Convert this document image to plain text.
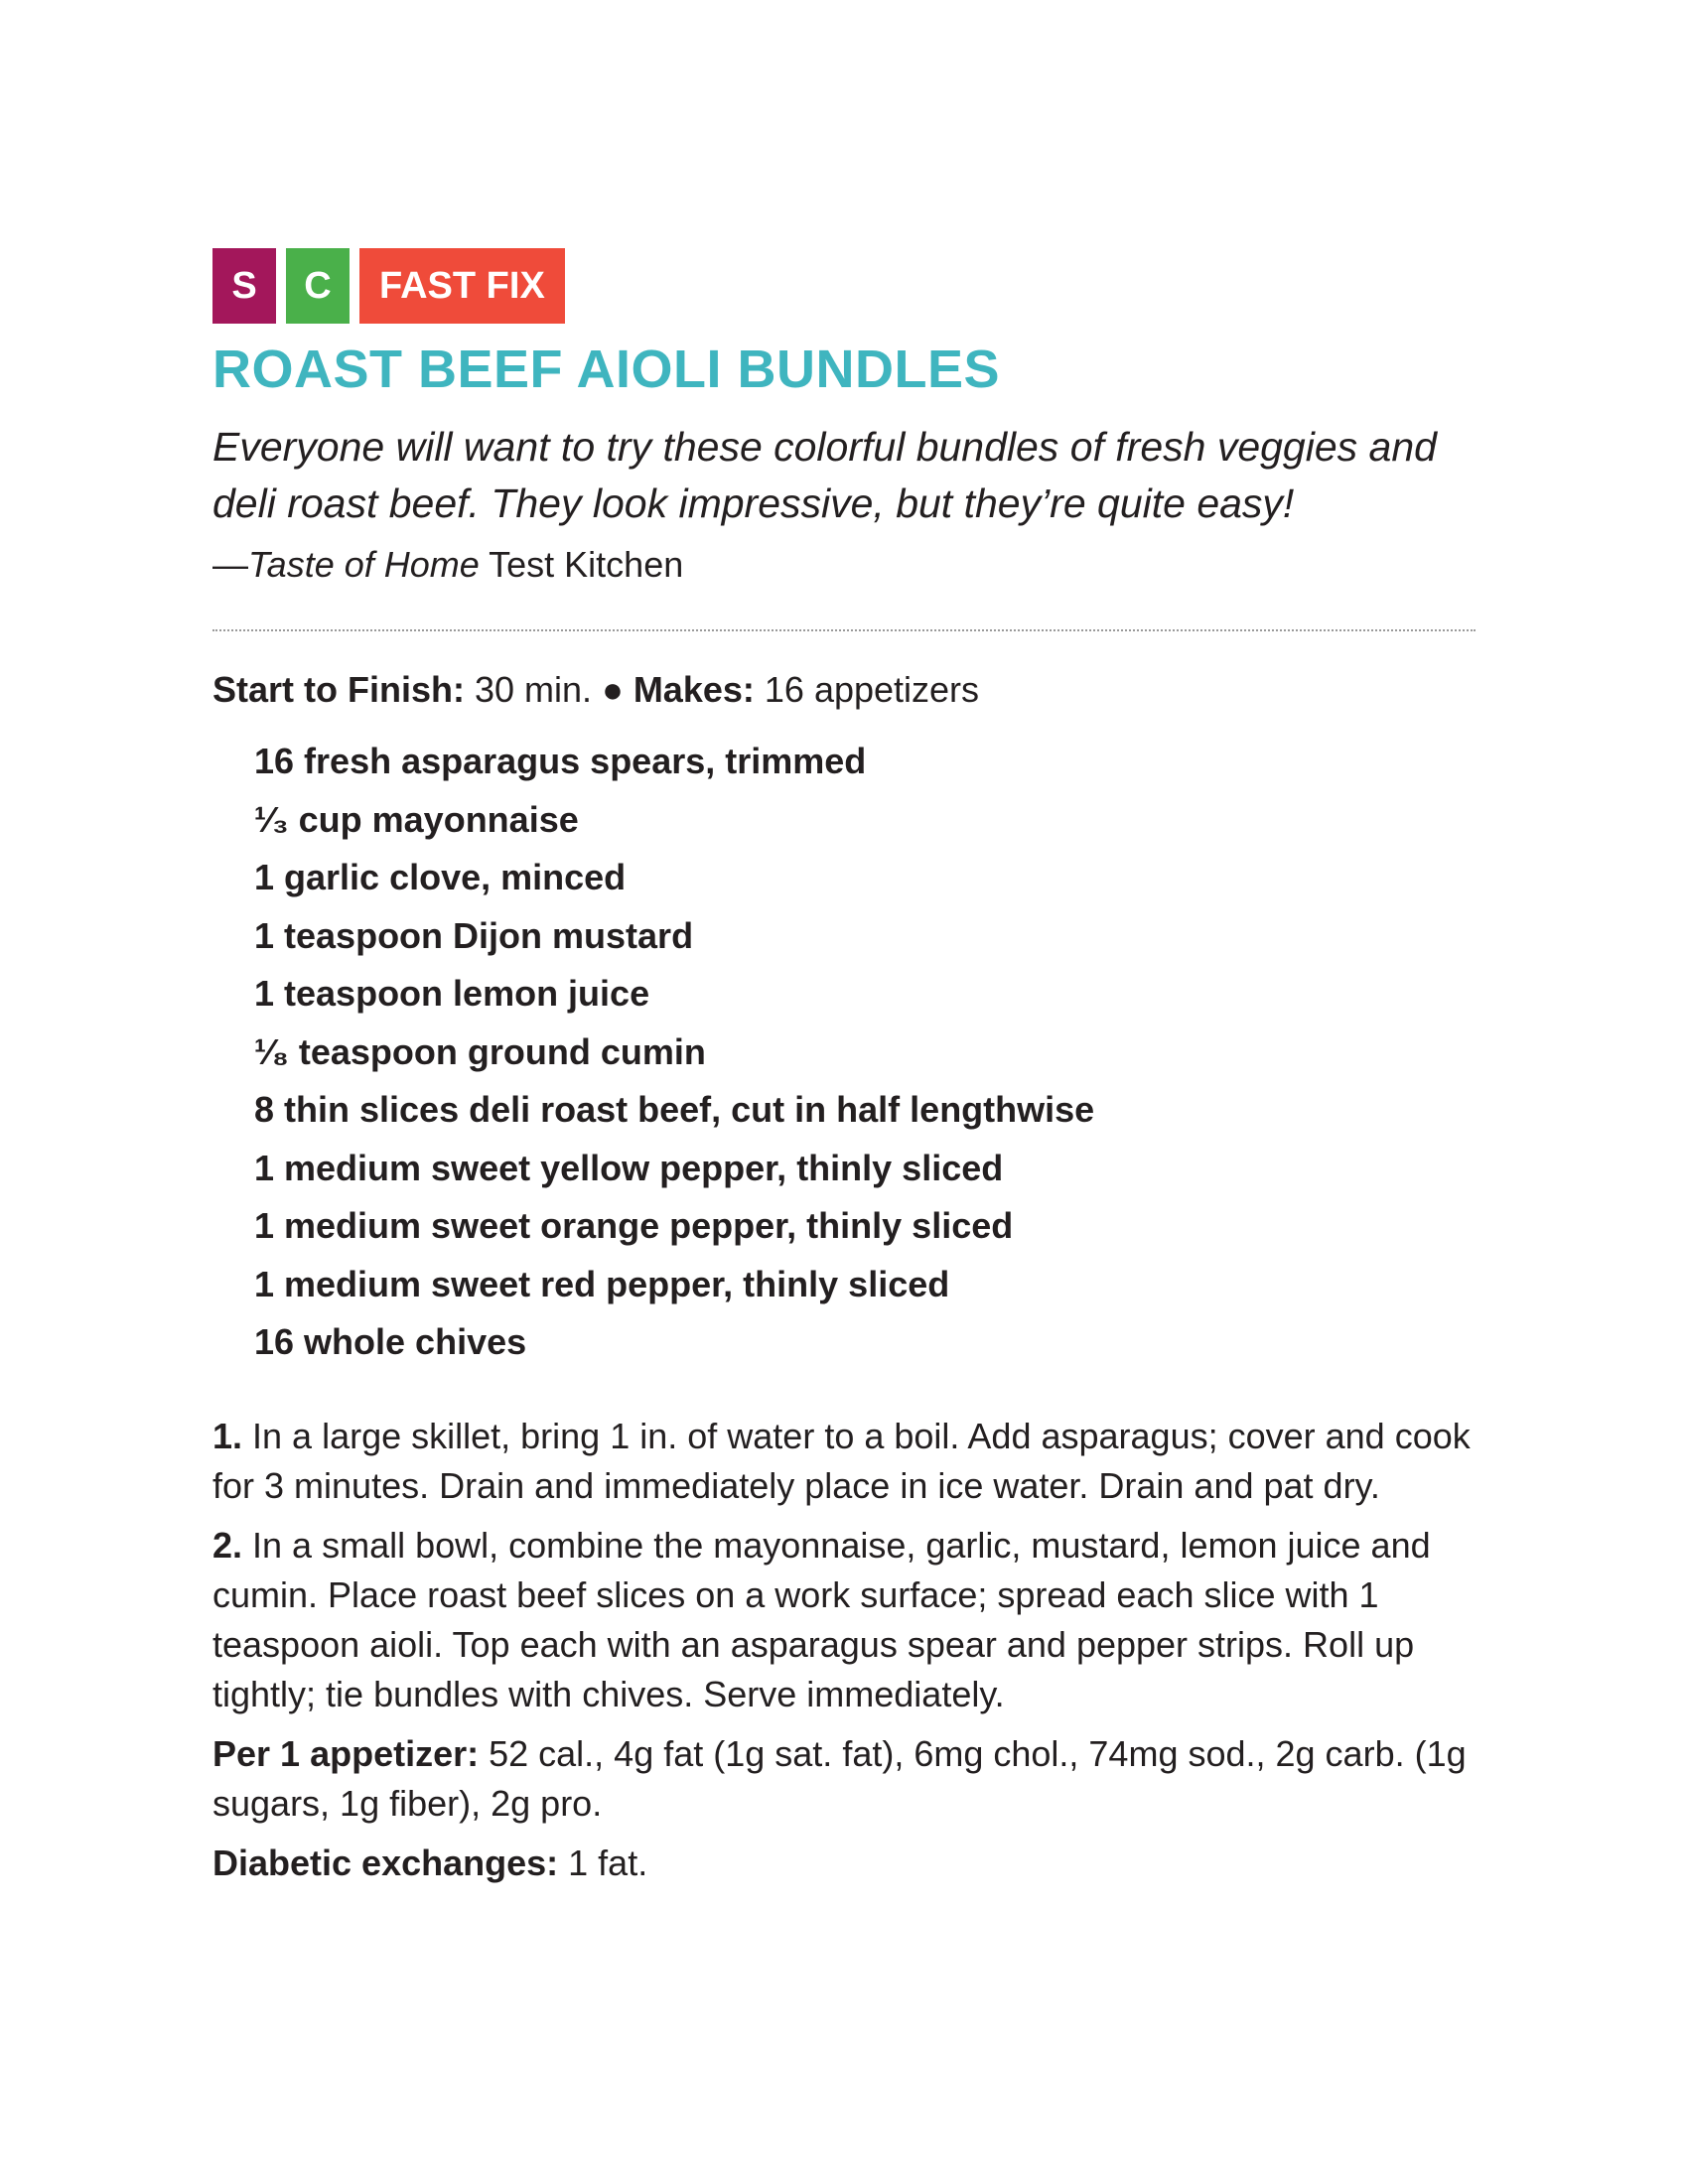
S	C	FAST FIX
ROAST BEEF AIOLI BUNDLES
Everyone will want to try these colorful bundles of fresh veggies and deli roast beef. They look impressive, but they’re quite easy!
—Taste of Home Test Kitchen
Start to Finish: 30 min. ● Makes: 16 appetizers
16 fresh asparagus spears, trimmed
¹⁄₃ cup mayonnaise
1 garlic clove, minced
1 teaspoon Dijon mustard
1 teaspoon lemon juice
¹⁄₈ teaspoon ground cumin
8 thin slices deli roast beef, cut in half lengthwise
1 medium sweet yellow pepper, thinly sliced
1 medium sweet orange pepper, thinly sliced
1 medium sweet red pepper, thinly sliced
16 whole chives
1. In a large skillet, bring 1 in. of water to a boil. Add asparagus; cover and cook for 3 minutes. Drain and immediately place in ice water. Drain and pat dry.
2. In a small bowl, combine the mayonnaise, garlic, mustard, lemon juice and cumin. Place roast beef slices on a work surface; spread each slice with 1 teaspoon aioli. Top each with an asparagus spear and pepper strips. Roll up tightly; tie bundles with chives. Serve immediately.
Per 1 appetizer: 52 cal., 4g fat (1g sat. fat), 6mg chol., 74mg sod., 2g carb. (1g sugars, 1g fiber), 2g pro.
Diabetic exchanges: 1 fat.
